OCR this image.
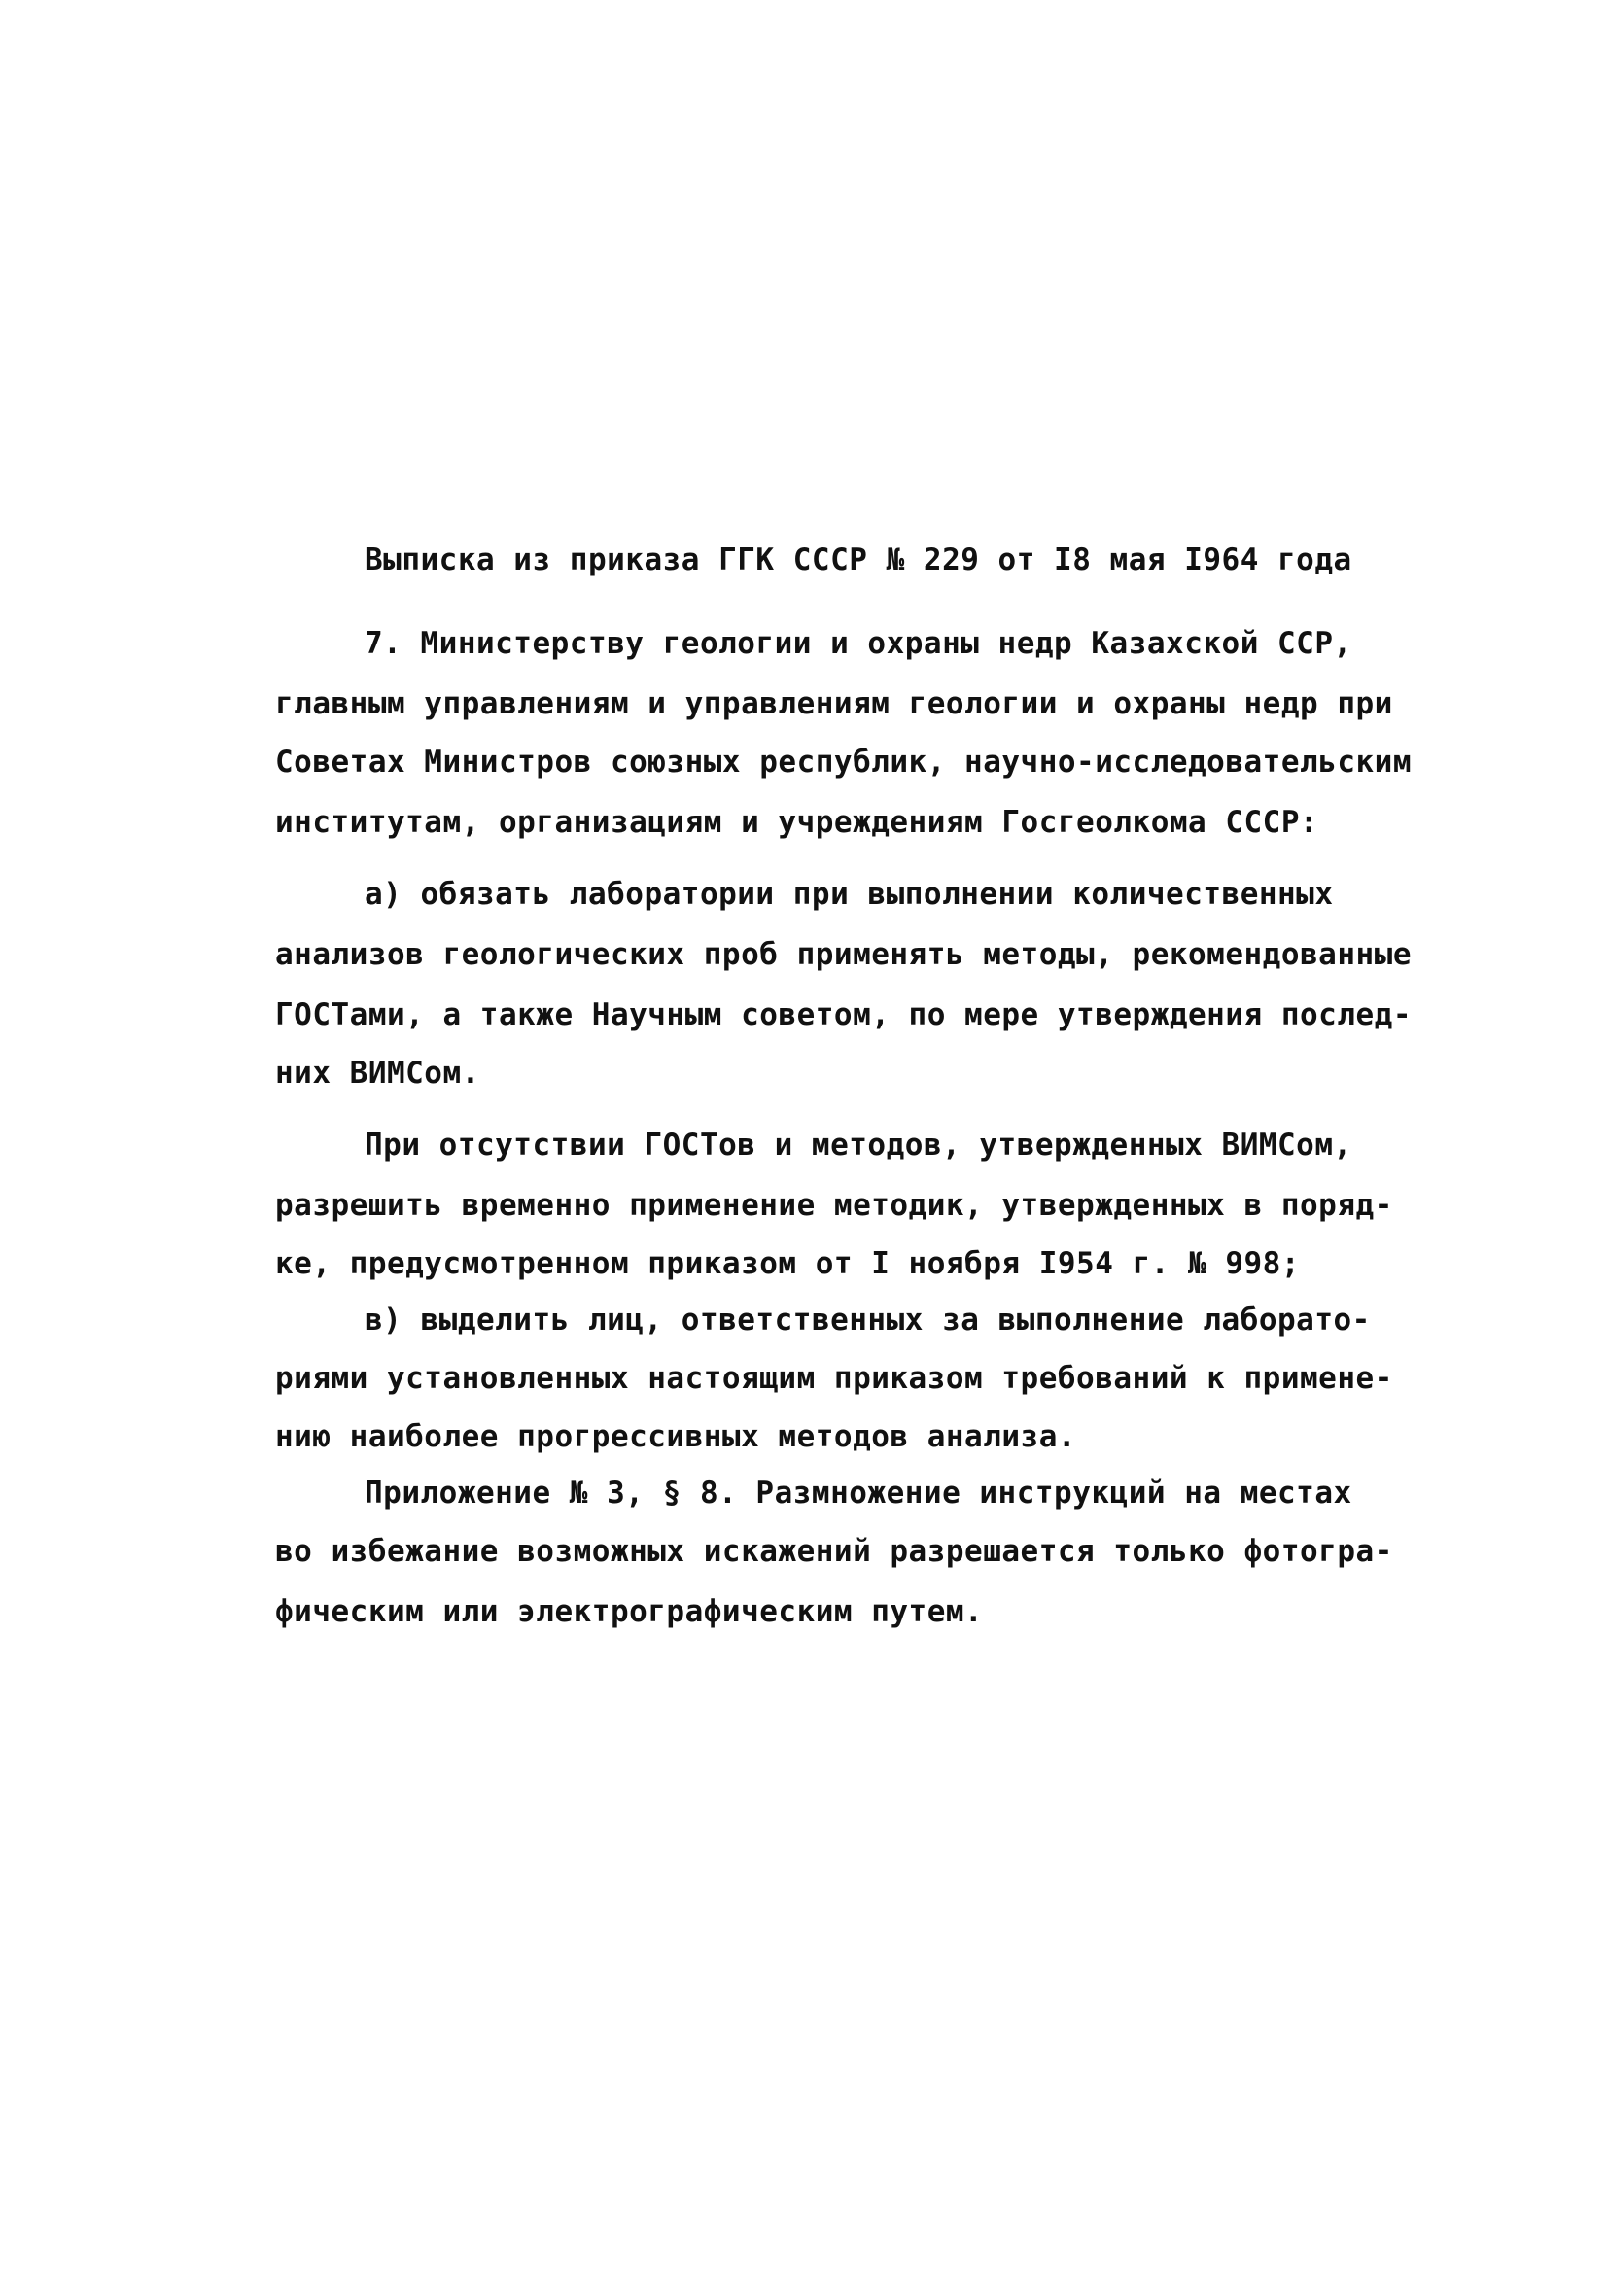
Выписка из приказа ГГК СССР № 229 от I8 мая I964 года
7. Министерству геологии и охраны недр Казахской ССР,
главным управлениям и управлениям геологии и охраны недр при
Советах Министров союзных республик, научно-исследовательским
институтам, организациям и учреждениям Госгеолкома СССР:
а) обязать лаборатории при выполнении количественных
анализов геологических проб применять методы, рекомендованные
ГОСТами, а также Научным советом, по мере утверждения послед-
них ВИМСом.
При отсутствии ГОСТов и методов, утвержденных ВИМСом,
разрешить временно применение методик, утвержденных в поряд-
ке, предусмотренном приказом от I ноября I954 г. № 998;
в) выделить лиц, ответственных за выполнение лаборато-
риями установленных настоящим приказом требований к примене-
нию наиболее прогрессивных методов анализа.
Приложение № 3, § 8. Размножение инструкций на местах
во избежание возможных искажений разрешается только фотогра-
фическим или электрографическим путем.
